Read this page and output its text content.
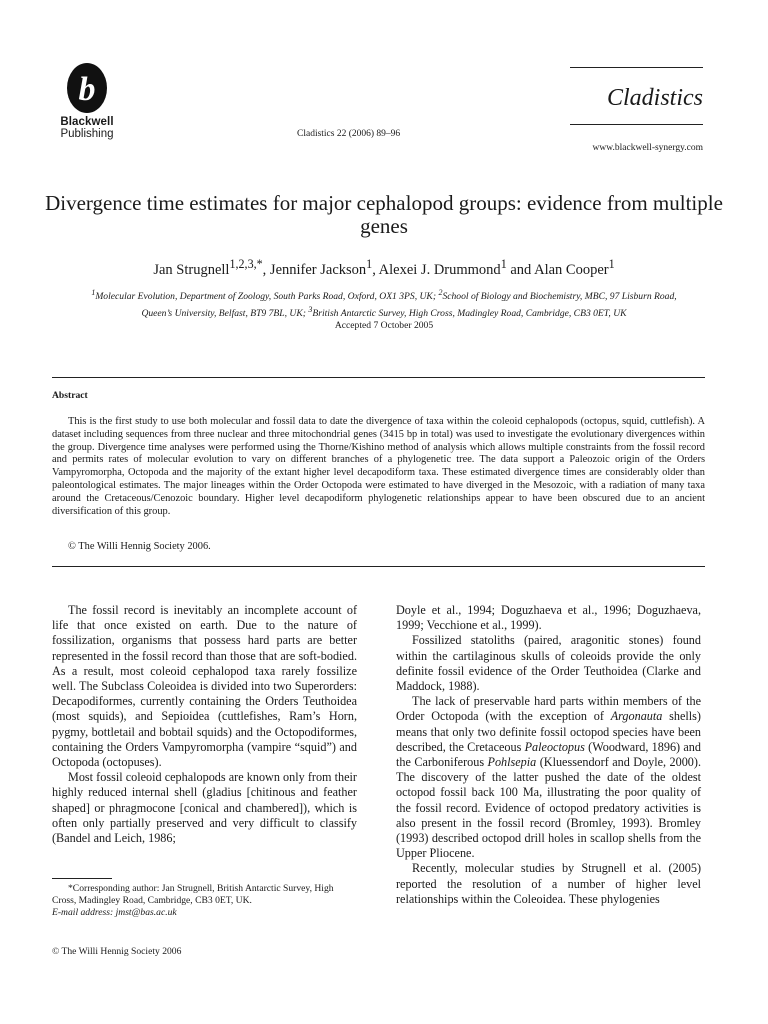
b
Blackwell
Publishing	Cladistics 22 (2006) 89–96
Cladistics
www.blackwell-synergy.com
Divergence time estimates for major cephalopod groups: evidence from multiple genes
Jan Strugnell$^{1,2,3,*}$, Jennifer Jackson$^1$, Alexei J. Drummond$^1$ and Alan Cooper$^1$
$^1$Molecular Evolution, Department of Zoology, South Parks Road, Oxford, OX1 3PS, UK; $^2$School of Biology and Biochemistry, MBC, 97 Lisburn Road, Queen’s University, Belfast, BT9 7BL, UK; $^3$British Antarctic Survey, High Cross, Madingley Road, Cambridge, CB3 0ET, UK
Accepted 7 October 2005
Abstract
This is the first study to use both molecular and fossil data to date the divergence of taxa within the coleoid cephalopods (octopus, squid, cuttlefish). A dataset including sequences from three nuclear and three mitochondrial genes (3415 bp in total) was used to investigate the evolutionary divergences within the group. Divergence time analyses were performed using the Thorne/Kishino method of analysis which allows multiple constraints from the fossil record and permits rates of molecular evolution to vary on different branches of a phylogenetic tree. The data support a Paleozoic origin of the Orders Vampyromorpha, Octopoda and the majority of the extant higher level decapodiform taxa. These estimated divergence times are considerably older than paleontological estimates. The major lineages within the Order Octopoda were estimated to have diverged in the Mesozoic, with a radiation of many taxa around the Cretaceous/Cenozoic boundary. Higher level decapodiform phylogenetic relationships appear to have been obscured due to an ancient diversification of this group.
© The Willi Hennig Society 2006.

The fossil record is inevitably an incomplete account of life that once existed on earth. Due to the nature of fossilization, organisms that possess hard parts are better represented in the fossil record than those that are soft-bodied. As a result, most coleoid cephalopod taxa rarely fossilize well. The Subclass Coleoidea is divided into two Superorders: Decapodiformes, currently containing the Orders Teuthoidea (most squids), and Sepioidea (cuttlefishes, Ram’s Horn, pygmy, bottletail and bobtail squids) and the Octopodiformes, containing the Orders Vampyromorpha (vampire “squid”) and Octopoda (octopuses).

Most fossil coleoid cephalopods are known only from their highly reduced internal shell (gladius [chitinous and feather shaped] or phragmocone [conical and chambered]), which is often only partially preserved and very difficult to classify (Bandel and Leich, 1986;

Doyle et al., 1994; Doguzhaeva et al., 1996; Doguzhaeva, 1999; Vecchione et al., 1999).

Fossilized statoliths (paired, aragonitic stones) found within the cartilaginous skulls of coleoids provide the only definite fossil evidence of the Order Teuthoidea (Clarke and Maddock, 1988).

The lack of preservable hard parts within members of the Order Octopoda (with the exception of Argonauta shells) means that only two definite fossil octopod species have been described, the Cretaceous Paleoctopus (Woodward, 1896) and the Carboniferous Pohlsepia (Kluessendorf and Doyle, 2000). The discovery of the latter pushed the date of the oldest octopod fossil back 100 Ma, illustrating the poor quality of the fossil record. Evidence of octopod predatory activities is also present in the fossil record (Bromley, 1993). Bromley (1993) described octopod drill holes in scallop shells from the Upper Pliocene.

Recently, molecular studies by Strugnell et al. (2005) reported the resolution of a number of higher level relationships within the Coleoidea. These phylogenies

*Corresponding author: Jan Strugnell, British Antarctic Survey, High Cross, Madingley Road, Cambridge, CB3 0ET, UK.
E-mail address: jmst@bas.ac.uk
© The Willi Hennig Society 2006
